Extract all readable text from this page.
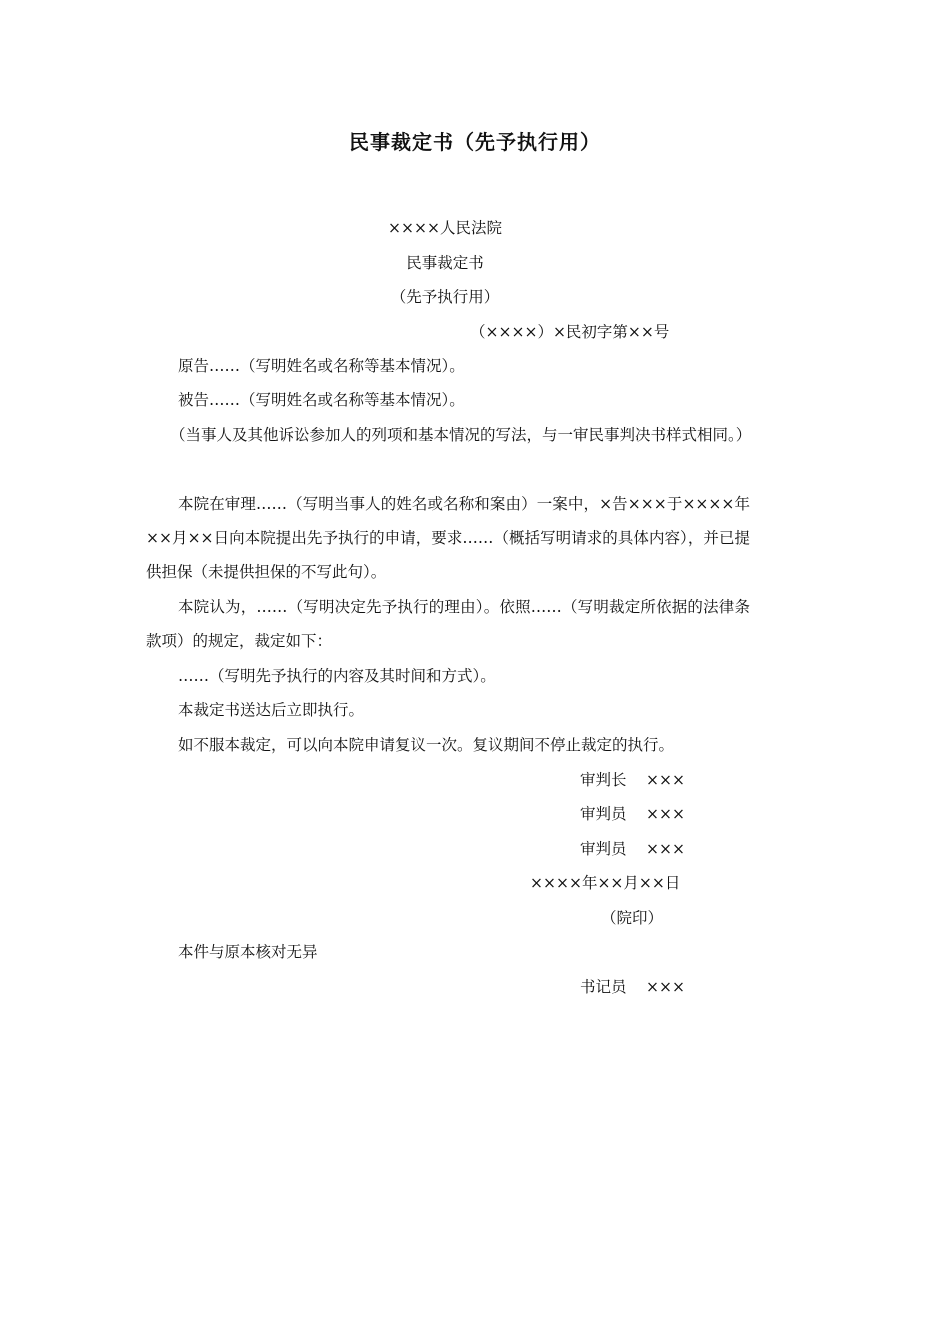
民事裁定书（先予执行用）

××××人民法院

民事裁定书

（先予执行用）

（××××）×民初字第××号

原告……（写明姓名或名称等基本情况）。

被告……（写明姓名或名称等基本情况）。

（当事人及其他诉讼参加人的列项和基本情况的写法，与一审民事判决书样式相同。）

本院在审理……（写明当事人的姓名或名称和案由）一案中，×告×××于××××年××月××日向本院提出先予执行的申请，要求……（概括写明请求的具体内容），并已提供担保（未提供担保的不写此句）。

本院认为，……（写明决定先予执行的理由）。依照……（写明裁定所依据的法律条款项）的规定，裁定如下：

……（写明先予执行的内容及其时间和方式）。

本裁定书送达后立即执行。

如不服本裁定，可以向本院申请复议一次。复议期间不停止裁定的执行。

审判长 ×××

审判员 ×××

审判员 ×××

××××年××月××日

（院印）

本件与原本核对无异

书记员 ×××
